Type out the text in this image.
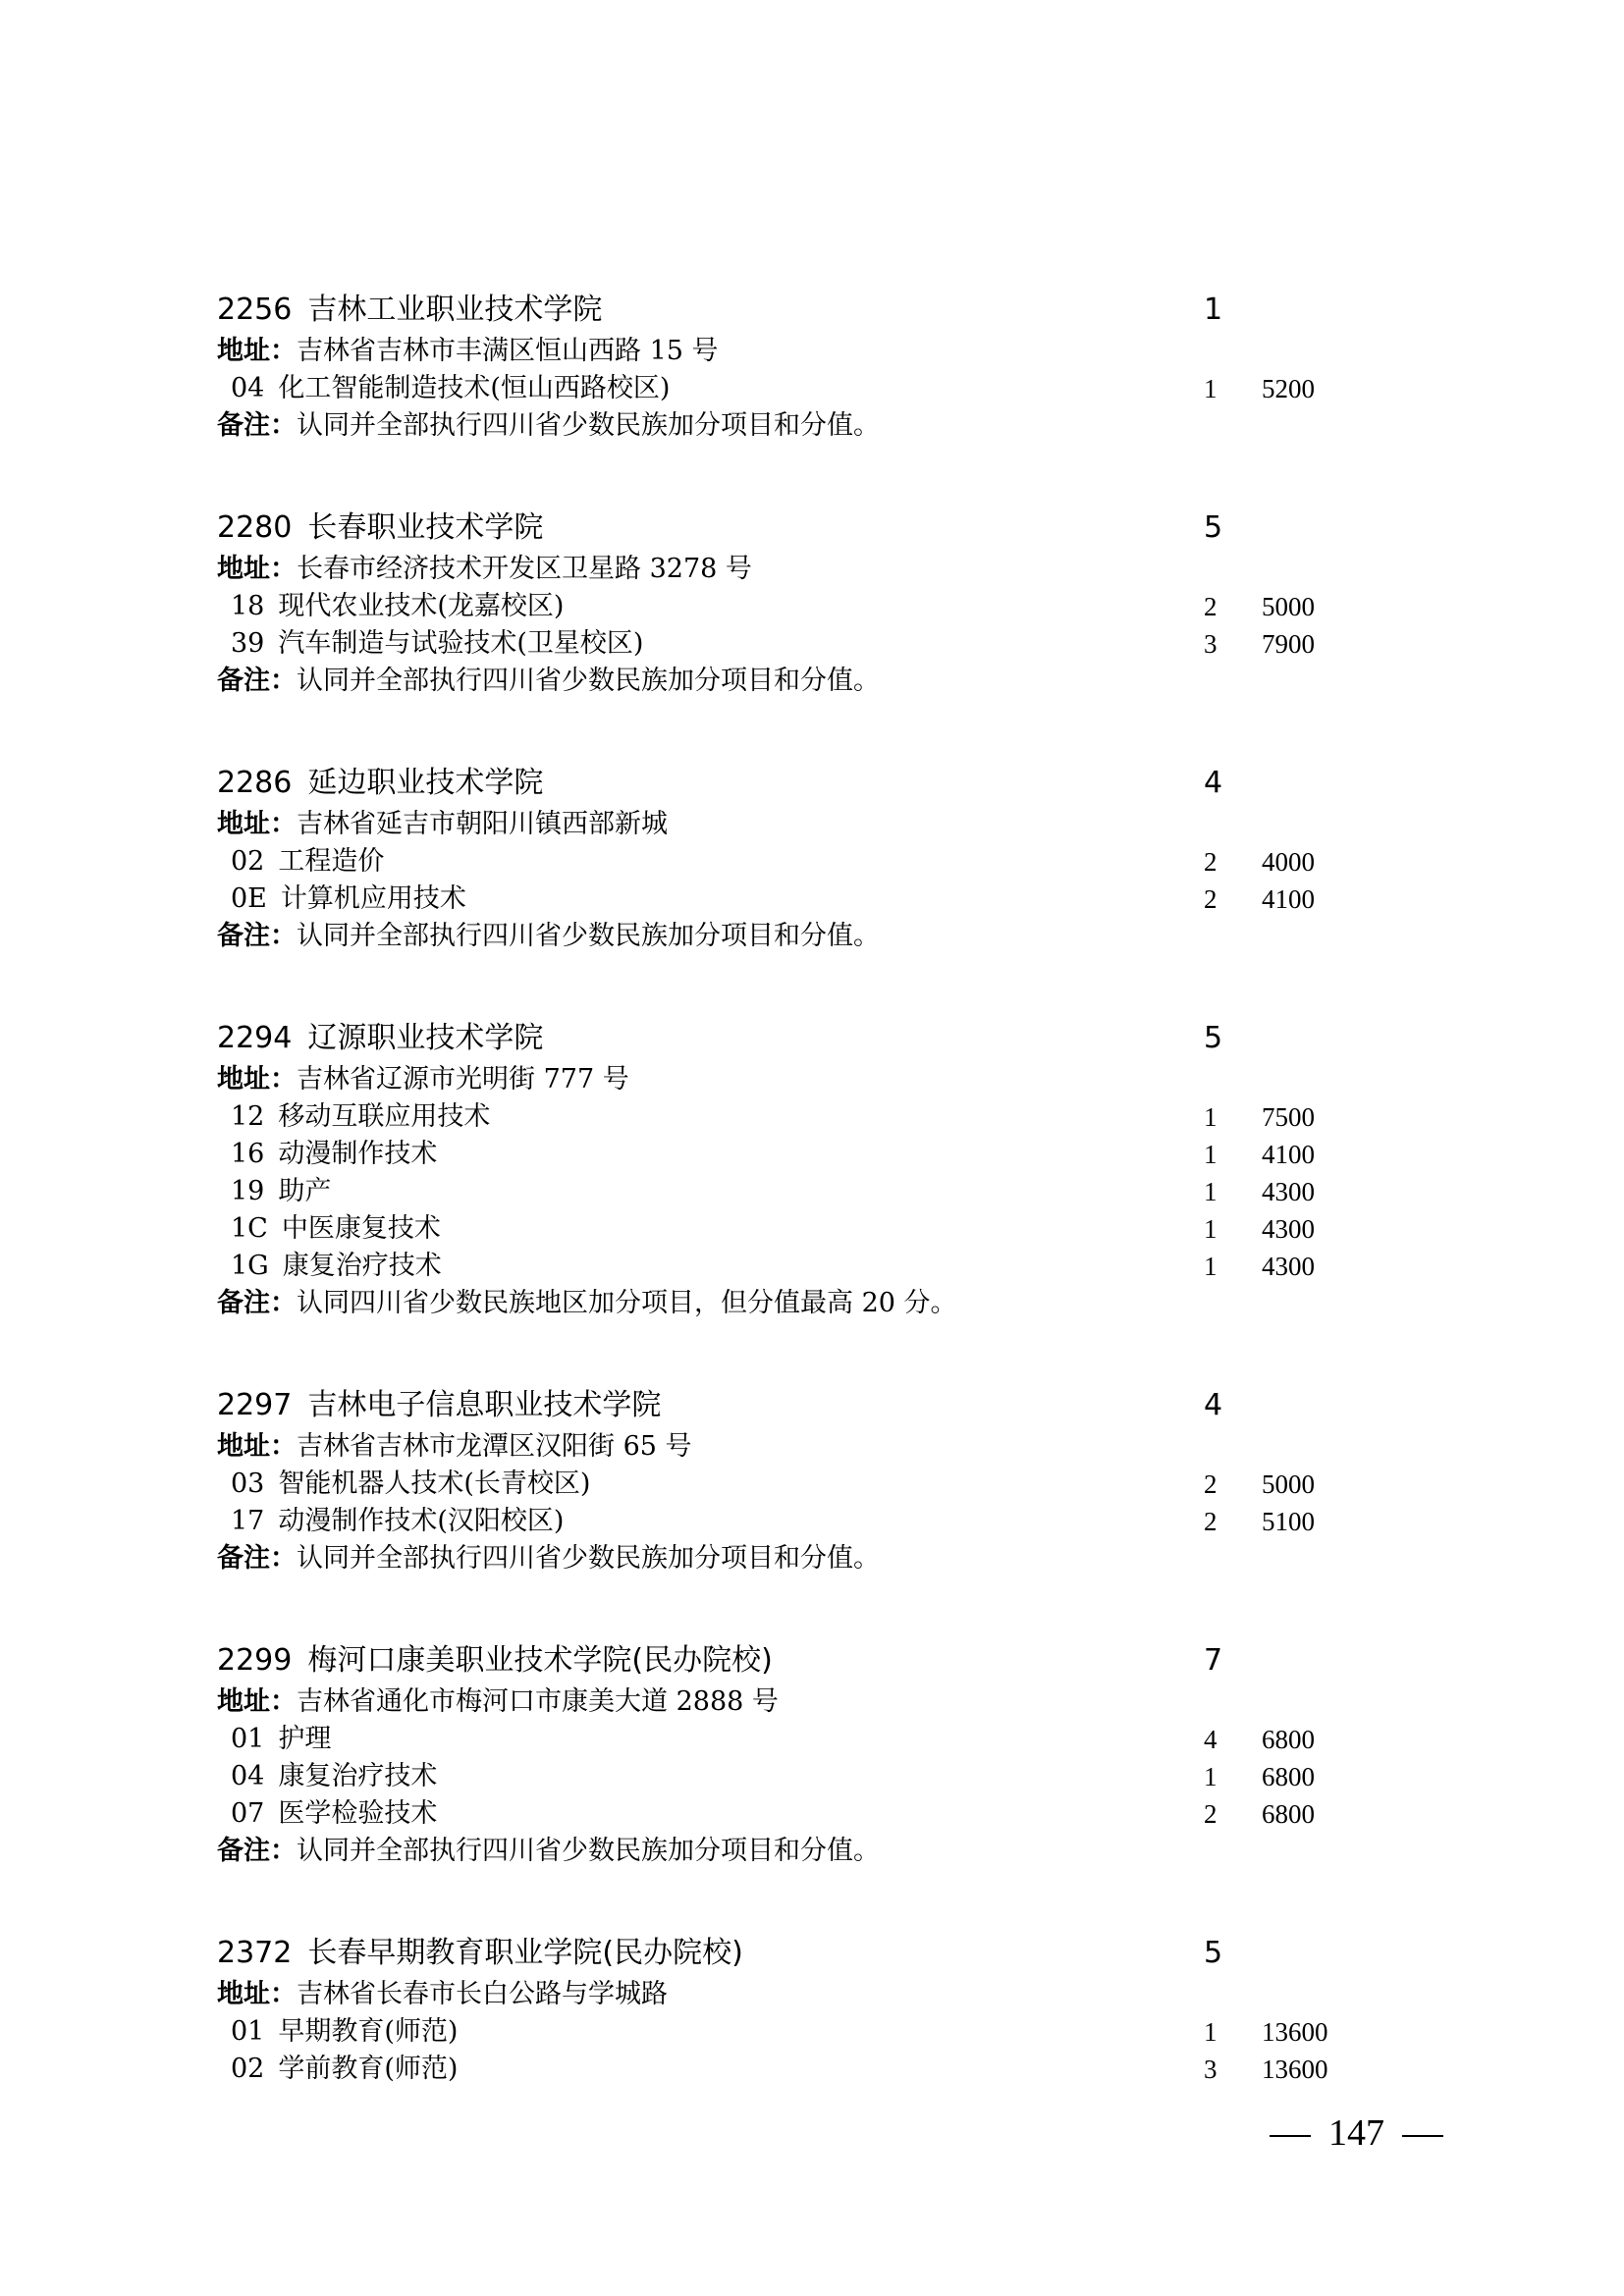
2256 吉林工业职业技术学院	1
地址：吉林省吉林市丰满区恒山西路 15 号
04 化工智能制造技术(恒山西路校区)	1 5200
备注：认同并全部执行四川省少数民族加分项目和分值。
2280 长春职业技术学院	5
地址：长春市经济技术开发区卫星路 3278 号
18 现代农业技术(龙嘉校区)	2 5000
39 汽车制造与试验技术(卫星校区)	3 7900
备注：认同并全部执行四川省少数民族加分项目和分值。
2286 延边职业技术学院	4
地址：吉林省延吉市朝阳川镇西部新城
02 工程造价	2 4000
0E 计算机应用技术	2 4100
备注：认同并全部执行四川省少数民族加分项目和分值。
2294 辽源职业技术学院	5
地址：吉林省辽源市光明街 777 号
12 移动互联应用技术	1 7500
16 动漫制作技术	1 4100
19 助产	1 4300
1C 中医康复技术	1 4300
1G 康复治疗技术	1 4300
备注：认同四川省少数民族地区加分项目，但分值最高 20 分。
2297 吉林电子信息职业技术学院	4
地址：吉林省吉林市龙潭区汉阳街 65 号
03 智能机器人技术(长青校区)	2 5000
17 动漫制作技术(汉阳校区)	2 5100
备注：认同并全部执行四川省少数民族加分项目和分值。
2299 梅河口康美职业技术学院(民办院校)	7
地址：吉林省通化市梅河口市康美大道 2888 号
01 护理	4 6800
04 康复治疗技术	1 6800
07 医学检验技术	2 6800
备注：认同并全部执行四川省少数民族加分项目和分值。
2372 长春早期教育职业学院(民办院校)	5
地址：吉林省长春市长白公路与学城路
01 早期教育(师范)	1 13600
02 学前教育(师范)	3 13600
147
